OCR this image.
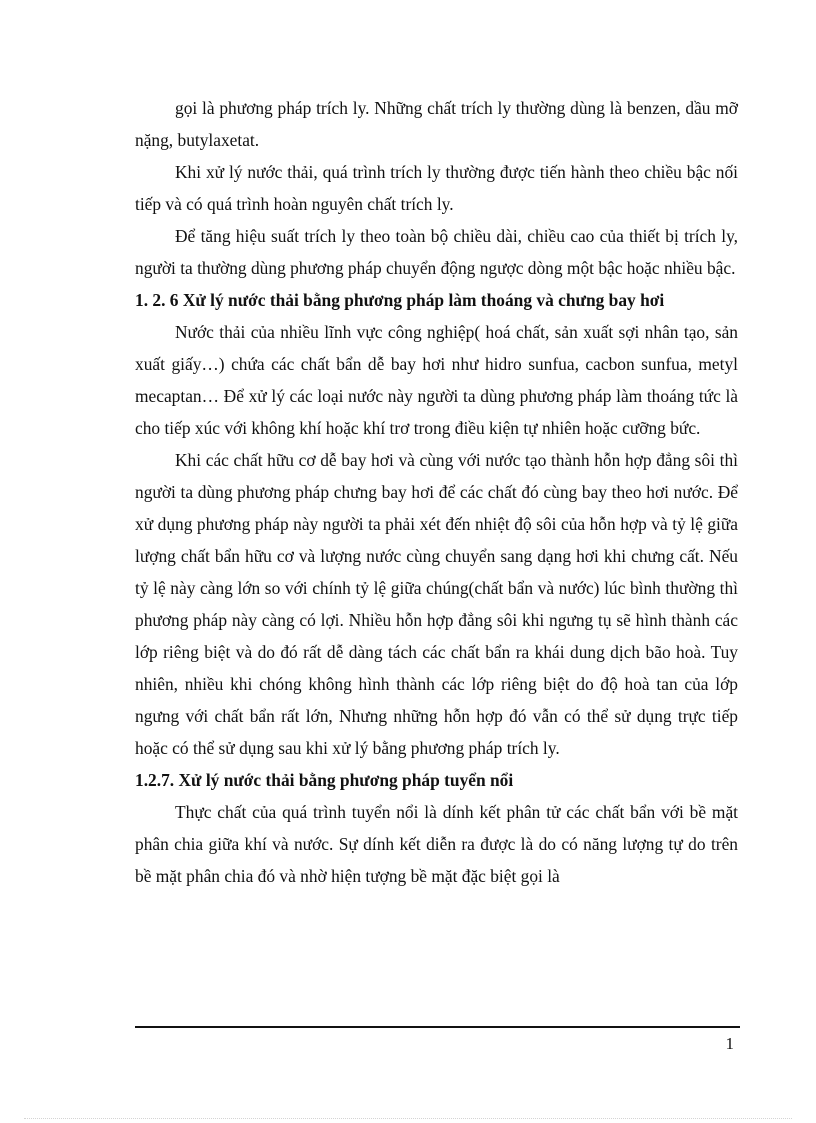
gọi là phương pháp trích ly. Những chất trích ly thường dùng là benzen, dầu mỡ nặng, butylaxetat.

Khi xử lý nước thải, quá trình trích ly thường được tiến hành theo chiều bậc nối tiếp và có quá trình hoàn nguyên chất trích ly.

Để tăng hiệu suất trích ly theo toàn bộ chiều dài, chiều cao của thiết bị trích ly, người ta thường dùng phương pháp chuyển động ngược dòng một bậc hoặc nhiều bậc.

1. 2. 6 Xử lý nước thải bằng phương pháp làm thoáng và chưng bay hơi

Nước thải của nhiều lĩnh vực công nghiệp( hoá chất, sản xuất sợi nhân tạo, sản xuất giấy…) chứa các chất bẩn dễ bay hơi như hidro sunfua, cacbon sunfua, metyl mecaptan… Để xử lý các loại nước này người ta dùng phương pháp làm thoáng tức là cho tiếp xúc với không khí hoặc khí trơ trong điều kiện tự nhiên hoặc cưỡng bức.

Khi các chất hữu cơ dễ bay hơi và cùng với nước tạo thành hỗn hợp đẳng sôi thì người ta dùng phương pháp chưng bay hơi để các chất đó cùng bay theo hơi nước. Để xử dụng phương pháp này người ta phải xét đến nhiệt độ sôi của hỗn hợp và tỷ lệ giữa lượng chất bẩn hữu cơ và lượng nước cùng chuyển sang dạng hơi khi chưng cất. Nếu tỷ lệ này càng lớn so với chính tỷ lệ giữa chúng(chất bẩn và nước) lúc bình thường thì phương pháp này càng có lợi. Nhiều hỗn hợp đẳng sôi khi ngưng tụ sẽ hình thành các lớp riêng biệt và do đó rất dễ dàng tách các chất bẩn ra khái dung dịch bão hoà. Tuy nhiên, nhiều khi chóng không hình thành các lớp riêng biệt do độ hoà tan của lớp ngưng với chất bẩn rất lớn, Nhưng những hỗn hợp đó vẫn có thể sử dụng trực tiếp hoặc có thể sử dụng sau khi xử lý bằng phương pháp trích ly.

1.2.7. Xử lý nước thải bằng phương pháp tuyển nổi

Thực chất của quá trình tuyển nổi là dính kết phân tử các chất bẩn với bề mặt phân chia giữa khí và nước. Sự dính kết diễn ra được là do có năng lượng tự do trên bề mặt phân chia đó và nhờ hiện tượng bề mặt đặc biệt gọi là

1
